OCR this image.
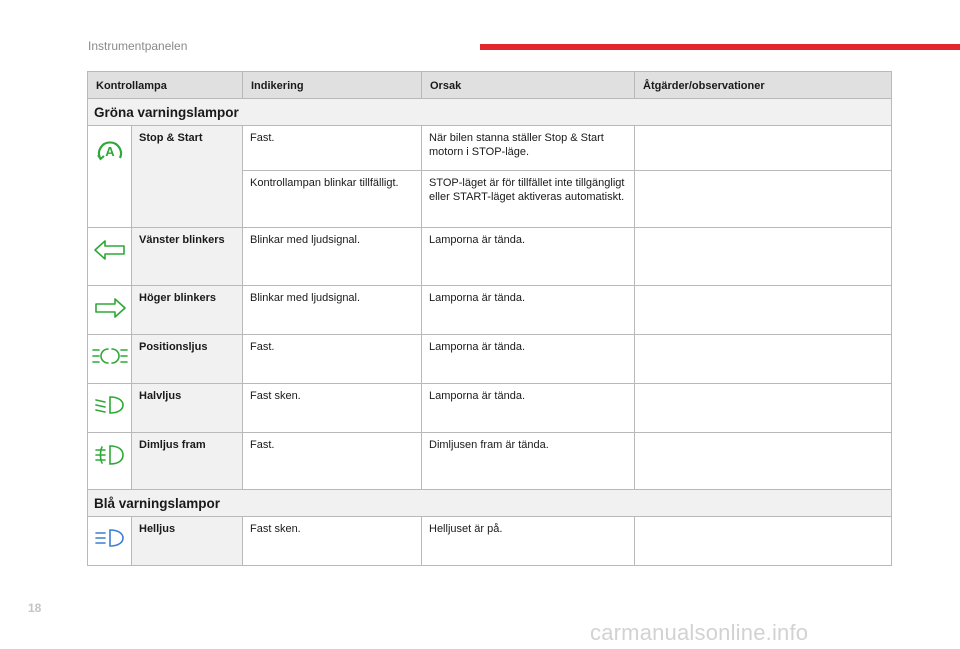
Instrumentpanelen
Kontrollampa		Indikering	Orsak	Åtgärder/observationer
Gröna varningslampor				

A	Stop & Start	Fast.	När bilen stanna ställer Stop & Start motorn i STOP-läge.	
		Kontrollampan blinkar tillfälligt.	STOP-läget är för tillfället inte tillgängligt eller START-läget aktiveras automatiskt.	

	Vänster blinkers	Blinkar med ljudsignal.	Lamporna är tända.	

	Höger blinkers	Blinkar med ljudsignal.	Lamporna är tända.	

	Positionsljus	Fast.	Lamporna är tända.	

	Halvljus	Fast sken.	Lamporna är tända.	

	Dimljus fram	Fast.	Dimljusen fram är tända.	
Blå varningslampor				

	Helljus	Fast sken.	Helljuset är på.	
18
carmanualsonline.info
